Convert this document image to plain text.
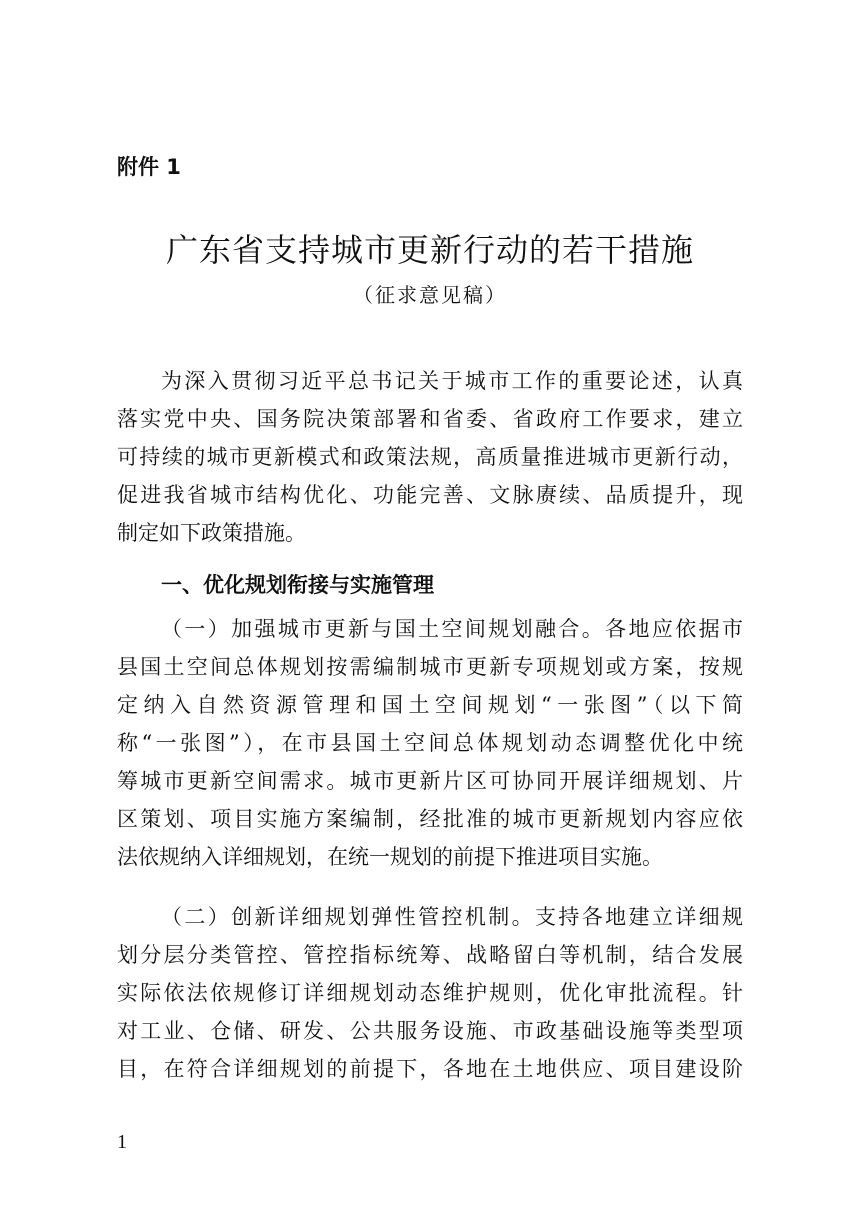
附件 1
广东省支持城市更新行动的若干措施
（征求意见稿）
为深入贯彻习近平总书记关于城市工作的重要论述，认真
落实党中央、国务院决策部署和省委、省政府工作要求，建立
可持续的城市更新模式和政策法规，高质量推进城市更新行动，
促进我省城市结构优化、功能完善、文脉赓续、品质提升，现
制定如下政策措施。
一、优化规划衔接与实施管理
（一）加强城市更新与国土空间规划融合。各地应依据市
县国土空间总体规划按需编制城市更新专项规划或方案，按规
定纳入自然资源管理和国土空间规划“一张图”（以下简
称“一张图”），在市县国土空间总体规划动态调整优化中统
筹城市更新空间需求。城市更新片区可协同开展详细规划、片
区策划、项目实施方案编制，经批准的城市更新规划内容应依
法依规纳入详细规划，在统一规划的前提下推进项目实施。
（二）创新详细规划弹性管控机制。支持各地建立详细规
划分层分类管控、管控指标统筹、战略留白等机制，结合发展
实际依法依规修订详细规划动态维护规则，优化审批流程。针
对工业、仓储、研发、公共服务设施、市政基础设施等类型项
目，在符合详细规划的前提下，各地在土地供应、项目建设阶
1
